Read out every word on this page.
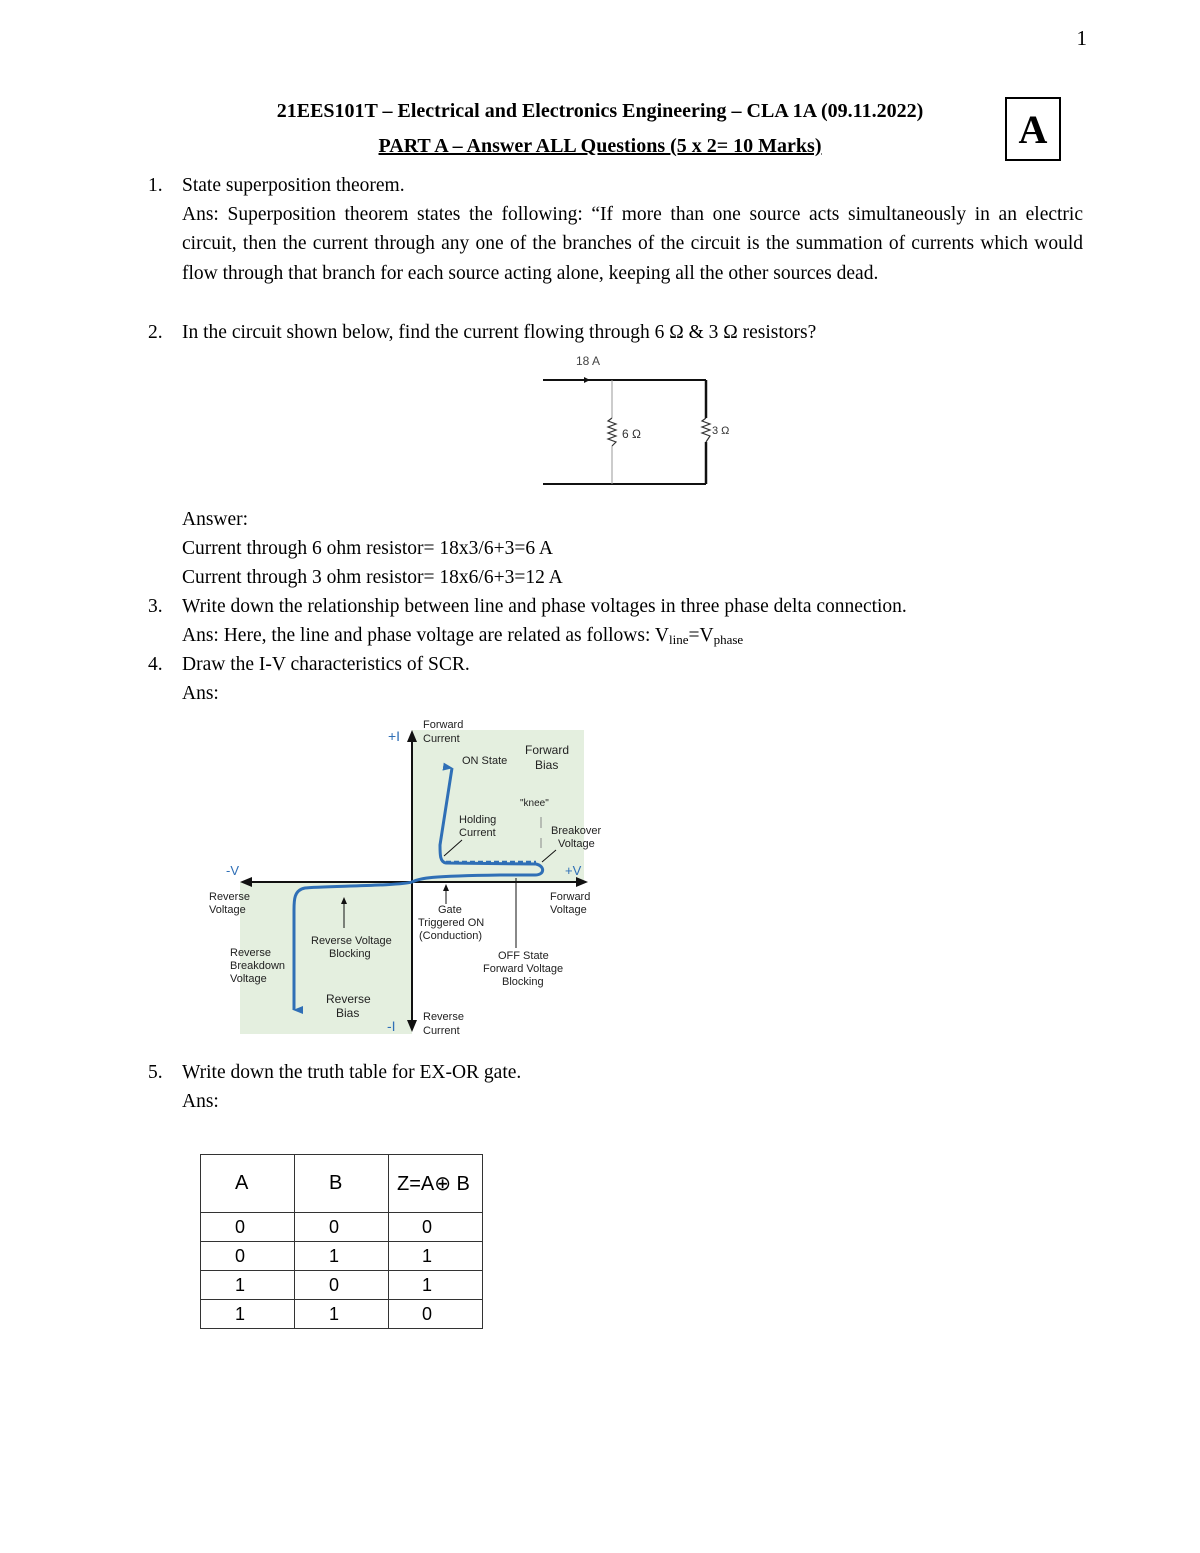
1
21EES101T – Electrical and Electronics Engineering – CLA 1A (09.11.2022)
PART A – Answer ALL Questions (5 x 2= 10 Marks)	A
1. State superposition theorem.
Ans: Superposition theorem states the following: “If more than one source acts simultaneously in an electric circuit, then the current through any one of the branches of the circuit is the summation of currents which would flow through that branch for each source acting alone, keeping all the other sources dead.
2. In the circuit shown below, find the current flowing through 6 Ω & 3 Ω resistors?
18 A
6 Ω	3 Ω
Answer:
Current through 6 ohm resistor= 18x3/6+3=6 A
Current through 3 ohm resistor= 18x6/6+3=12 A
3. Write down the relationship between line and phase voltages in three phase delta connection.
Ans: Here, the line and phase voltage are related as follows: $V_{line}=V_{phase}$
4. Draw the I-V characteristics of SCR.
Ans:
+I
-I
-V	+V
Forward
Current
ON State
Forward
Bias
"knee"
Holding
Current	Breakover
Voltage
Reverse
Voltage
Forward
Voltage
Gate
Triggered ON
(Conduction)
Reverse Voltage
Blocking
Reverse
Breakdown
Voltage
OFF State
Forward Voltage
Blocking
Reverse
Bias	Reverse
Current
5. Write down the truth table for EX-OR gate.
Ans:
A	B	Z=A⊕ B
0	0	0
0	1	1
1	0	1
1	1	0
